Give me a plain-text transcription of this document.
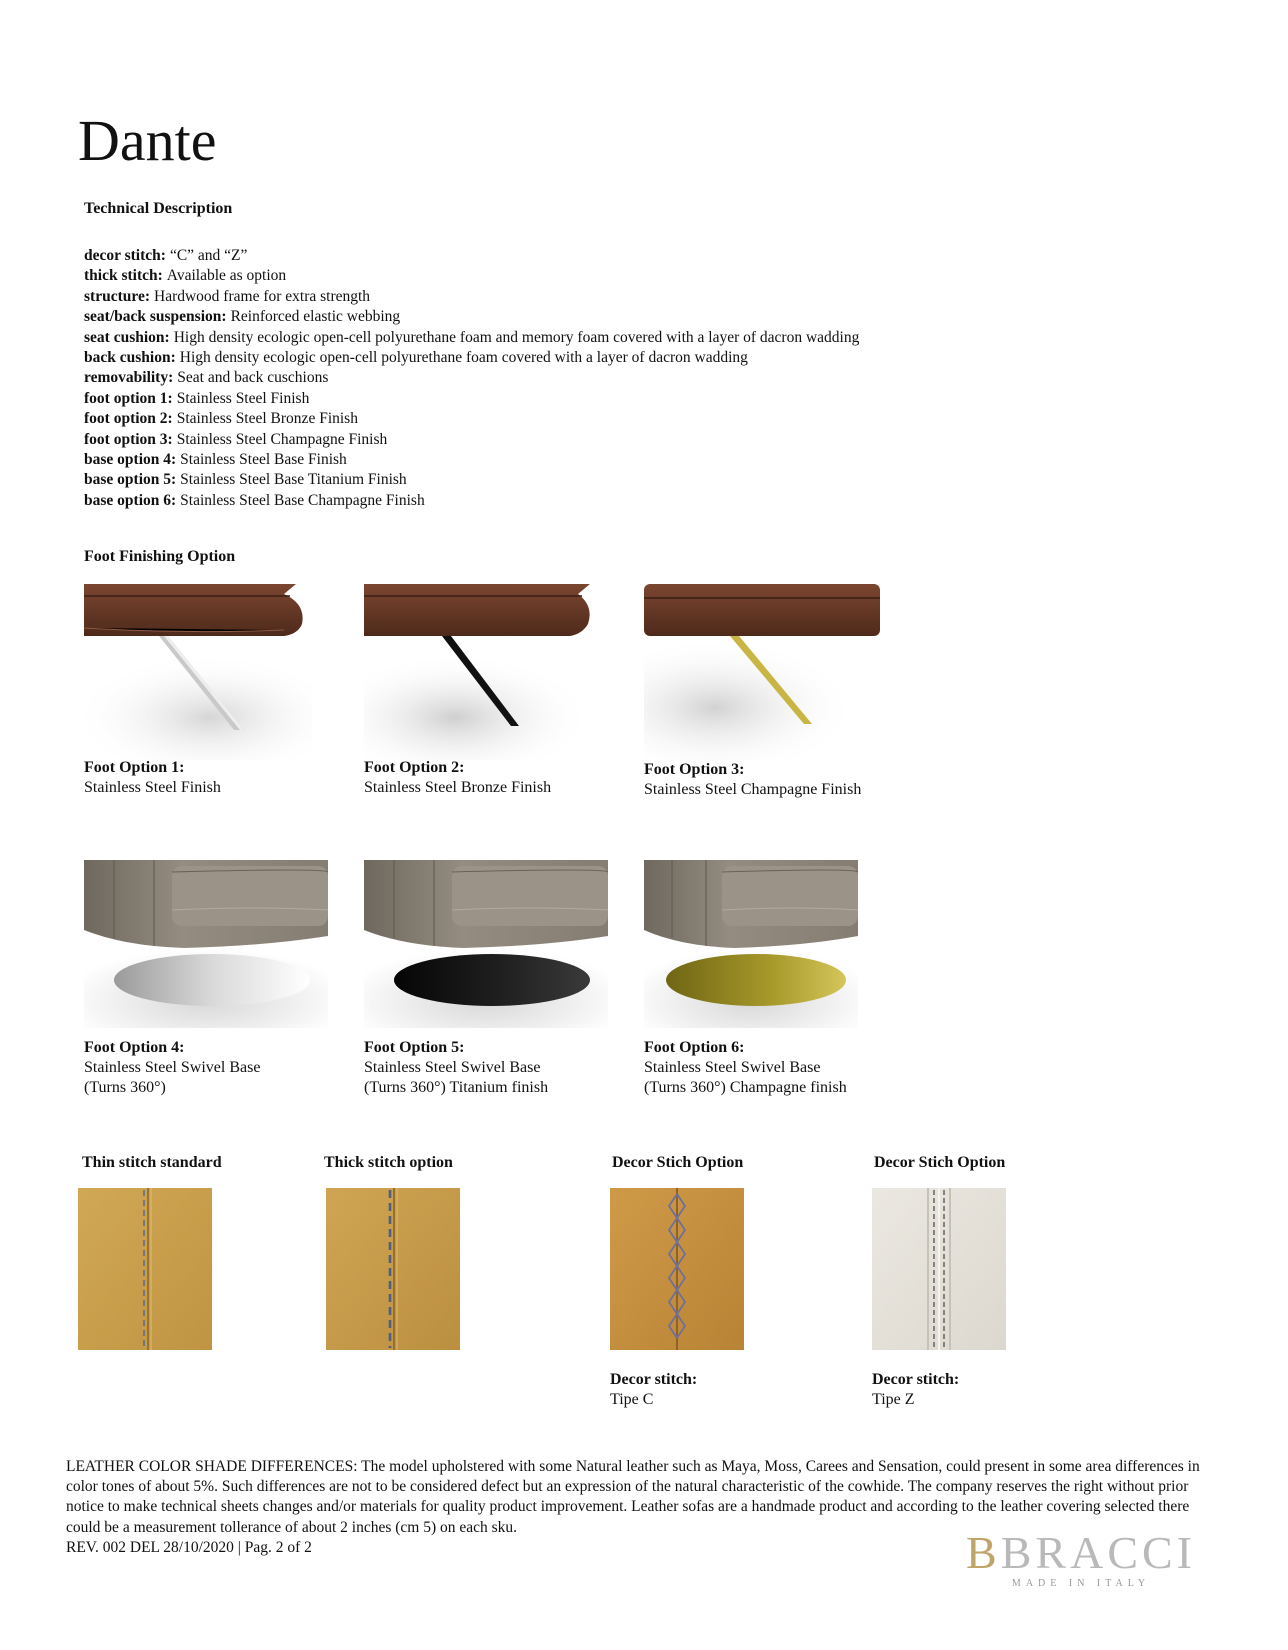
Dante
Technical Description
decor stitch: “C” and “Z”
thick stitch: Available as option
structure: Hardwood frame for extra strength
seat/back suspension: Reinforced elastic webbing
seat cushion: High density ecologic open-cell polyurethane foam and memory foam covered with a layer of dacron wadding
back cushion: High density ecologic open-cell polyurethane foam covered with a layer of dacron wadding
removability: Seat and back cuschions
foot option 1: Stainless Steel Finish
foot option 2: Stainless Steel Bronze Finish
foot option 3: Stainless Steel Champagne Finish
base option 4: Stainless Steel Base Finish
base option 5: Stainless Steel Base Titanium Finish
base option 6: Stainless Steel Base Champagne Finish
Foot Finishing Option
Foot Option 1:
Stainless Steel Finish
Foot Option 2:
Stainless Steel Bronze Finish
Foot Option 3:
Stainless Steel Champagne Finish
Foot Option 4:
Stainless Steel Swivel Base
(Turns 360°)
Foot Option 5:
Stainless Steel Swivel Base
(Turns 360°) Titanium finish
Foot Option 6:
Stainless Steel Swivel Base
(Turns 360°) Champagne finish
Thin stitch standard	Thick stitch option	Decor Stich Option	Decor Stich Option
Decor stitch:
Tipe C
Decor stitch:
Tipe Z
LEATHER COLOR SHADE DIFFERENCES: The model upholstered with some Natural leather such as Maya, Moss, Carees and Sensation, could present in some area differences in color tones of about 5%. Such differences are not to be considered defect but an expression of the natural characteristic of the cowhide. The company reserves the right without prior notice to make technical sheets changes and/or materials for quality product improvement. Leather sofas are a handmade product and according to the leather covering selected there could be a measurement tollerance of about 2 inches (cm 5) on each sku.
REV. 002 DEL 28/10/2020 | Pag. 2 of 2	BBRACCI
MADE IN ITALY
